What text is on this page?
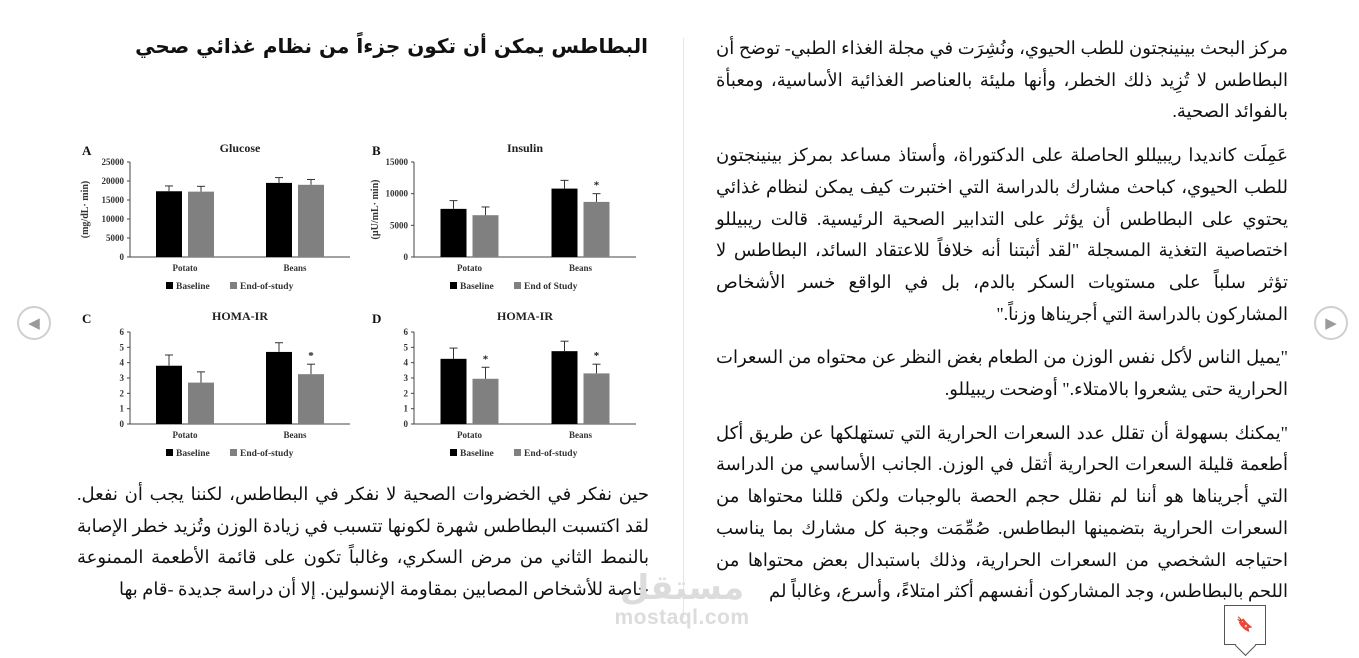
◀	▶

مركز البحث بينينجتون للطب الحيوي، ونُشِرَت في مجلة الغذاء الطبي- توضح أن البطاطس لا تُزِيد ذلك الخطر، وأنها مليئة بالعناصر الغذائية الأساسية، ومعبأة بالفوائد الصحية.

عَمِلَت كانديدا ريبيللو الحاصلة على الدكتوراة، وأستاذ مساعد بمركز بينينجتون للطب الحيوي، كباحث مشارك بالدراسة التي اختبرت كيف يمكن لنظام غذائي يحتوي على البطاطس أن يؤثر على التدابير الصحية الرئيسية. قالت ريبيللو اختصاصية التغذية المسجلة "لقد أثبتنا أنه خلافاً للاعتقاد السائد، البطاطس لا تؤثر سلباً على مستويات السكر بالدم، بل في الواقع خسر الأشخاص المشاركون بالدراسة التي أجريناها وزناً."

"يميل الناس لأكل نفس الوزن من الطعام بغض النظر عن محتواه من السعرات الحرارية حتى يشعروا بالامتلاء." أوضحت ريبيللو.

"يمكنك بسهولة أن تقلل عدد السعرات الحرارية التي تستهلكها عن طريق أكل أطعمة قليلة السعرات الحرارية أثقل في الوزن. الجانب الأساسي من الدراسة التي أجريناها هو أننا لم نقلل حجم الحصة بالوجبات ولكن قللنا محتواها من السعرات الحرارية بتضمينها البطاطس. صُمِّمَت وجبة كل مشارك بما يناسب احتياجه الشخصي من السعرات الحرارية، وذلك باستبدال بعض محتواها من اللحم بالبطاطس، وجد المشاركون أنفسهم أكثر امتلاءً، وأسرع، وغالباً لم

البطاطس يمكن أن تكون جزءاً من نظام غذائي صحي
A	Glucose
0
5000
10000
15000
20000
25000
(mg/dL· min)
Potato	Beans
Baseline	End-of-study
B	Insulin
0
5000
10000
15000
(µU/mL· min)
Potato
*
Beans
Baseline	End of Study
C	HOMA-IR
0
1
2
3
4
5
6
Potato
*
Beans
Baseline	End-of-study
D	HOMA-IR
0
1
2
3
4
5
6
*
Potato
*
Beans
Baseline	End-of-study

حين نفكر في الخضروات الصحية لا نفكر في البطاطس، لكننا يجب أن نفعل. لقد اكتسبت البطاطس شهرة لكونها تتسبب في زيادة الوزن وتُزيد خطر الإصابة بالنمط الثاني من مرض السكري، وغالباً تكون على قائمة الأطعمة الممنوعة خاصة للأشخاص المصابين بمقاومة الإنسولين. إلا أن دراسة جديدة -قام بها

مستقل
mostaql.com	🔖
